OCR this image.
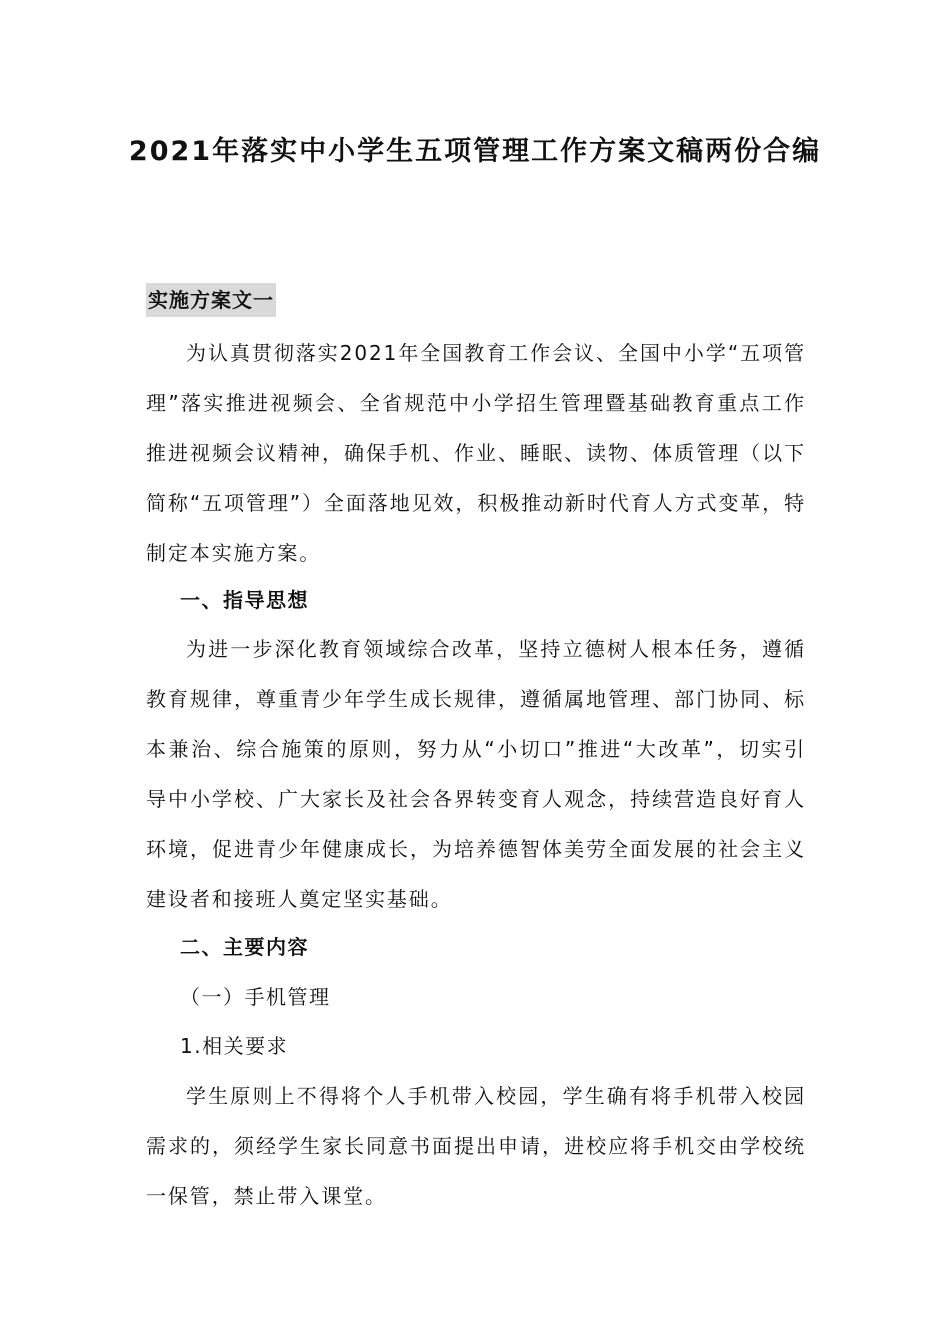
2021年落实中小学生五项管理工作方案文稿两份合编
实施方案文一

为认真贯彻落实2021年全国教育工作会议、全国中小学“五项管理”落实推进视频会、全省规范中小学招生管理暨基础教育重点工作推进视频会议精神，确保手机、作业、睡眠、读物、体质管理（以下简称“五项管理”）全面落地见效，积极推动新时代育人方式变革，特制定本实施方案。

一、指导思想

为进一步深化教育领域综合改革，坚持立德树人根本任务，遵循教育规律，尊重青少年学生成长规律，遵循属地管理、部门协同、标本兼治、综合施策的原则，努力从“小切口”推进“大改革”，切实引导中小学校、广大家长及社会各界转变育人观念，持续营造良好育人环境，促进青少年健康成长，为培养德智体美劳全面发展的社会主义建设者和接班人奠定坚实基础。

二、主要内容
（一）手机管理
1.相关要求

学生原则上不得将个人手机带入校园，学生确有将手机带入校园需求的，须经学生家长同意书面提出申请，进校应将手机交由学校统一保管，禁止带入课堂。
